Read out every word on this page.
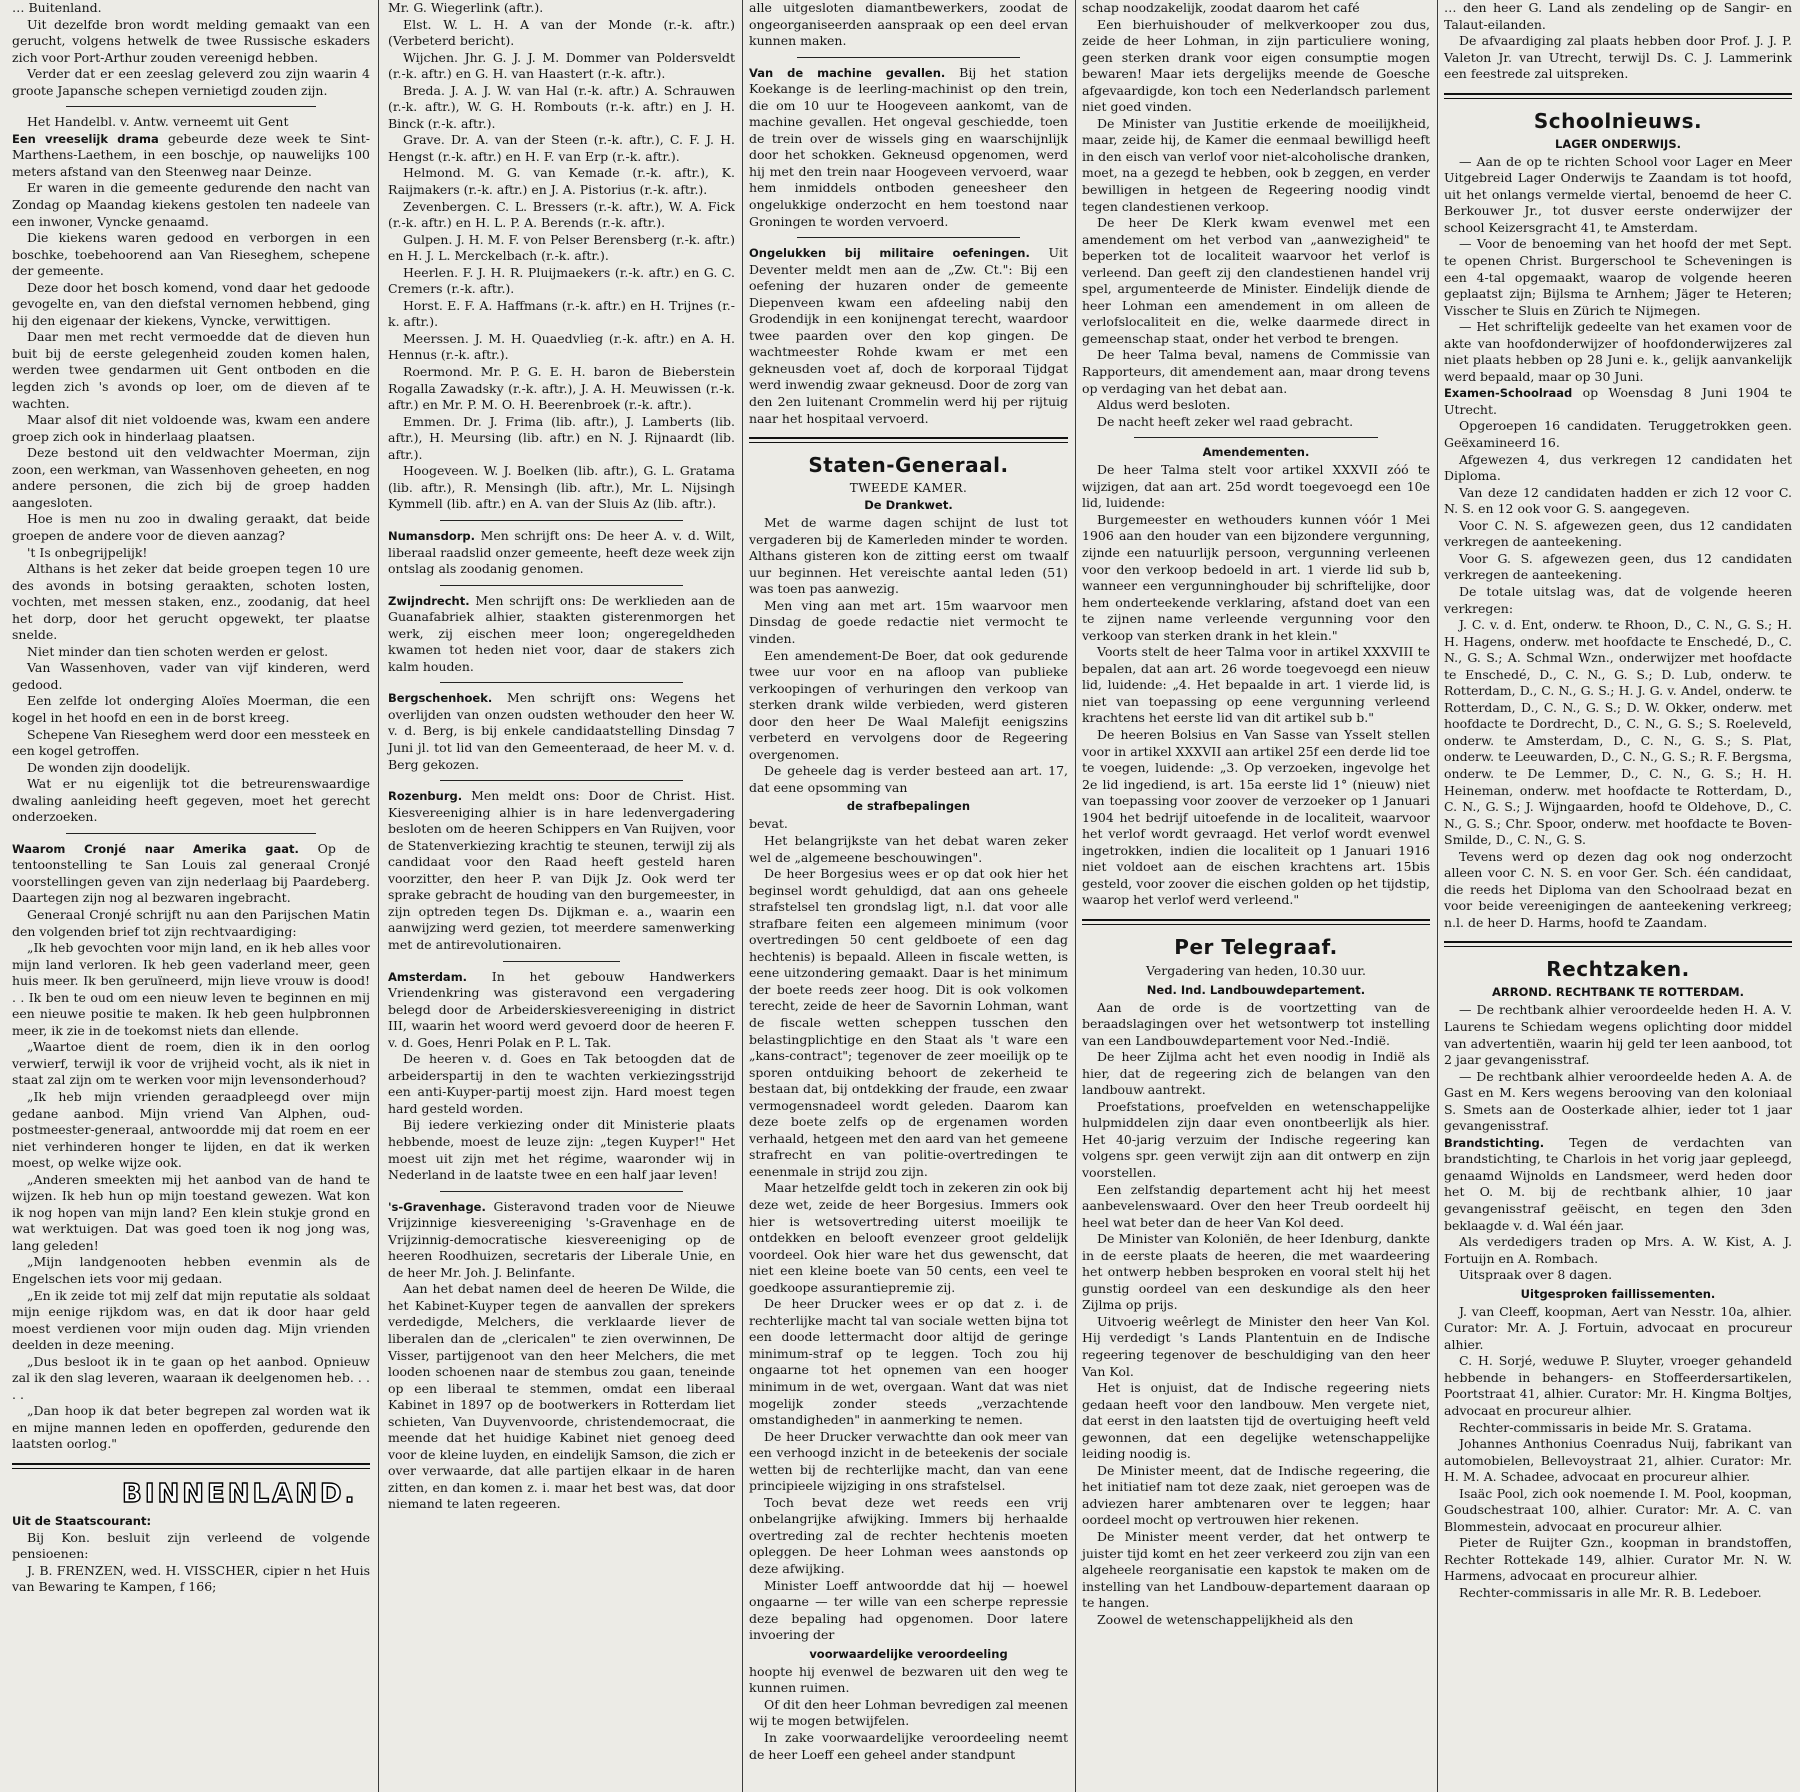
… Buitenland.

Uit dezelfde bron wordt melding gemaakt van een gerucht, volgens hetwelk de twee Russische eskaders zich voor Port-Arthur zouden vereenigd hebben.

Verder dat er een zeeslag geleverd zou zijn waarin 4 groote Japansche schepen vernietigd zouden zijn.

Het Handelbl. v. Antw. verneemt uit Gent

Een vreeselijk drama gebeurde deze week te Sint-Marthens-Laethem, in een boschje, op nauwelijks 100 meters afstand van den Steenweg naar Deinze.

Er waren in die gemeente gedurende den nacht van Zondag op Maandag kiekens gestolen ten nadeele van een inwoner, Vyncke genaamd.

Die kiekens waren gedood en verborgen in een boschke, toebehoorend aan Van Rieseghem, schepene der gemeente.

Deze door het bosch komend, vond daar het gedoode gevogelte en, van den diefstal vernomen hebbend, ging hij den eigenaar der kiekens, Vyncke, verwittigen.

Daar men met recht vermoedde dat de dieven hun buit bij de eerste gelegenheid zouden komen halen, werden twee gendarmen uit Gent ontboden en die legden zich 's avonds op loer, om de dieven af te wachten.

Maar alsof dit niet voldoende was, kwam een andere groep zich ook in hinderlaag plaatsen.

Deze bestond uit den veldwachter Moerman, zijn zoon, een werkman, van Wassenhoven geheeten, en nog andere personen, die zich bij de groep hadden aangesloten.

Hoe is men nu zoo in dwaling geraakt, dat beide groepen de andere voor de dieven aanzag?

't Is onbegrijpelijk!

Althans is het zeker dat beide groepen tegen 10 ure des avonds in botsing geraakten, schoten losten, vochten, met messen staken, enz., zoodanig, dat heel het dorp, door het gerucht opgewekt, ter plaatse snelde.

Niet minder dan tien schoten werden er gelost.

Van Wassenhoven, vader van vijf kinderen, werd gedood.

Een zelfde lot onderging Aloïes Moerman, die een kogel in het hoofd en een in de borst kreeg.

Schepene Van Rieseghem werd door een messteek en een kogel getroffen.

De wonden zijn doodelijk.

Wat er nu eigenlijk tot die betreurenswaardige dwaling aanleiding heeft gegeven, moet het gerecht onderzoeken.

Waarom Cronjé naar Amerika gaat. Op de tentoonstelling te San Louis zal generaal Cronjé voorstellingen geven van zijn nederlaag bij Paardeberg. Daartegen zijn nog al bezwaren ingebracht.

Generaal Cronjé schrijft nu aan den Parijschen Matin den volgenden brief tot zijn rechtvaardiging:

„Ik heb gevochten voor mijn land, en ik heb alles voor mijn land verloren. Ik heb geen vaderland meer, geen huis meer. Ik ben geruïneerd, mijn lieve vrouw is dood! . . Ik ben te oud om een nieuw leven te beginnen en mij een nieuwe positie te maken. Ik heb geen hulpbronnen meer, ik zie in de toekomst niets dan ellende.

„Waartoe dient de roem, dien ik in den oorlog verwierf, terwijl ik voor de vrijheid vocht, als ik niet in staat zal zijn om te werken voor mijn levensonderhoud?

„Ik heb mijn vrienden geraadpleegd over mijn gedane aanbod. Mijn vriend Van Alphen, oud-postmeester-generaal, antwoordde mij dat roem en eer niet verhinderen honger te lijden, en dat ik werken moest, op welke wijze ook.

„Anderen smeekten mij het aanbod van de hand te wijzen. Ik heb hun op mijn toestand gewezen. Wat kon ik nog hopen van mijn land? Een klein stukje grond en wat werktuigen. Dat was goed toen ik nog jong was, lang geleden!

„Mijn landgenooten hebben evenmin als de Engelschen iets voor mij gedaan.

„En ik zeide tot mij zelf dat mijn reputatie als soldaat mijn eenige rijkdom was, en dat ik door haar geld moest verdienen voor mijn ouden dag. Mijn vrienden deelden in deze meening.

„Dus besloot ik in te gaan op het aanbod. Opnieuw zal ik den slag leveren, waaraan ik deelgenomen heb. . . . .

„Dan hoop ik dat beter begrepen zal worden wat ik en mijne mannen leden en opofferden, gedurende den laatsten oorlog."

BINNENLAND.

Uit de Staatscourant:

Bij Kon. besluit zijn verleend de volgende pensioenen:

J. B. FRENZEN, wed. H. VISSCHER, cipier n het Huis van Bewaring te Kampen, f 166;

Mr. G. Wiegerlink (aftr.).

Elst. W. L. H. A van der Monde (r.-k. aftr.) (Verbeterd bericht).

Wijchen. Jhr. G. J. J. M. Dommer van Poldersveldt (r.-k. aftr.) en G. H. van Haastert (r.-k. aftr.).

Breda. J. A. J. W. van Hal (r.-k. aftr.) A. Schrauwen (r.-k. aftr.), W. G. H. Rombouts (r.-k. aftr.) en J. H. Binck (r.-k. aftr.).

Grave. Dr. A. van der Steen (r.-k. aftr.), C. F. J. H. Hengst (r.-k. aftr.) en H. F. van Erp (r.-k. aftr.).

Helmond. M. G. van Kemade (r.-k. aftr.), K. Raijmakers (r.-k. aftr.) en J. A. Pistorius (r.-k. aftr.).

Zevenbergen. C. L. Bressers (r.-k. aftr.), W. A. Fick (r.-k. aftr.) en H. L. P. A. Berends (r.-k. aftr.).

Gulpen. J. H. M. F. von Pelser Berensberg (r.-k. aftr.) en H. J. L. Merckelbach (r.-k. aftr.).

Heerlen. F. J. H. R. Pluijmaekers (r.-k. aftr.) en G. C. Cremers (r.-k. aftr.).

Horst. E. F. A. Haffmans (r.-k. aftr.) en H. Trijnes (r.-k. aftr.).

Meerssen. J. M. H. Quaedvlieg (r.-k. aftr.) en A. H. Hennus (r.-k. aftr.).

Roermond. Mr. P. G. E. H. baron de Bieberstein Rogalla Zawadsky (r.-k. aftr.), J. A. H. Meuwissen (r.-k. aftr.) en Mr. P. M. O. H. Beerenbroek (r.-k. aftr.).

Emmen. Dr. J. Frima (lib. aftr.), J. Lamberts (lib. aftr.), H. Meursing (lib. aftr.) en N. J. Rijnaardt (lib. aftr.).

Hoogeveen. W. J. Boelken (lib. aftr.), G. L. Gratama (lib. aftr.), R. Mensingh (lib. aftr.), Mr. L. Nijsingh Kymmell (lib. aftr.) en A. van der Sluis Az (lib. aftr.).

Numansdorp. Men schrijft ons: De heer A. v. d. Wilt, liberaal raadslid onzer gemeente, heeft deze week zijn ontslag als zoodanig genomen.

Zwijndrecht. Men schrijft ons: De werklieden aan de Guanafabriek alhier, staakten gisterenmorgen het werk, zij eischen meer loon; ongeregeldheden kwamen tot heden niet voor, daar de stakers zich kalm houden.

Bergschenhoek. Men schrijft ons: Wegens het overlijden van onzen oudsten wethouder den heer W. v. d. Berg, is bij enkele candidaatstelling Dinsdag 7 Juni jl. tot lid van den Gemeenteraad, de heer M. v. d. Berg gekozen.

Rozenburg. Men meldt ons: Door de Christ. Hist. Kiesvereeniging alhier is in hare ledenvergadering besloten om de heeren Schippers en Van Ruijven, voor de Statenverkiezing krachtig te steunen, terwijl zij als candidaat voor den Raad heeft gesteld haren voorzitter, den heer P. van Dijk Jz. Ook werd ter sprake gebracht de houding van den burgemeester, in zijn optreden tegen Ds. Dijkman e. a., waarin een aanwijzing werd gezien, tot meerdere samenwerking met de antirevolutionairen.

Amsterdam. In het gebouw Handwerkers Vriendenkring was gisteravond een vergadering belegd door de Arbeiderskiesvereeniging in district III, waarin het woord werd gevoerd door de heeren F. v. d. Goes, Henri Polak en P. L. Tak.

De heeren v. d. Goes en Tak betoogden dat de arbeiderspartij in den te wachten verkiezingsstrijd een anti-Kuyper-partij moest zijn. Hard moest tegen hard gesteld worden.

Bij iedere verkiezing onder dit Ministerie plaats hebbende, moest de leuze zijn: „tegen Kuyper!" Het moest uit zijn met het régime, waaronder wij in Nederland in de laatste twee en een half jaar leven!

's-Gravenhage. Gisteravond traden voor de Nieuwe Vrijzinnige kiesvereeniging 's-Gravenhage en de Vrijzinnig-democratische kiesvereeniging op de heeren Roodhuizen, secretaris der Liberale Unie, en de heer Mr. Joh. J. Belinfante.

Aan het debat namen deel de heeren De Wilde, die het Kabinet-Kuyper tegen de aanvallen der sprekers verdedigde, Melchers, die verklaarde liever de liberalen dan de „clericalen" te zien overwinnen, De Visser, partijgenoot van den heer Melchers, die met looden schoenen naar de stembus zou gaan, teneinde op een liberaal te stemmen, omdat een liberaal Kabinet in 1897 op de bootwerkers in Rotterdam liet schieten, Van Duyvenvoorde, christendemocraat, die meende dat het huidige Kabinet niet genoeg deed voor de kleine luyden, en eindelijk Samson, die zich er over verwaarde, dat alle partijen elkaar in de haren zitten, en dan komen z. i. maar het best was, dat door niemand te laten regeeren.

alle uitgesloten diamantbewerkers, zoodat de ongeorganiseerden aanspraak op een deel ervan kunnen maken.

Van de machine gevallen. Bij het station Koekange is de leerling-machinist op den trein, die om 10 uur te Hoogeveen aankomt, van de machine gevallen. Het ongeval geschiedde, toen de trein over de wissels ging en waarschijnlijk door het schokken. Gekneusd opgenomen, werd hij met den trein naar Hoogeveen vervoerd, waar hem inmiddels ontboden geneesheer den ongelukkige onderzocht en hem toestond naar Groningen te worden vervoerd.

Ongelukken bij militaire oefeningen. Uit Deventer meldt men aan de „Zw. Ct.": Bij een oefening der huzaren onder de gemeente Diepenveen kwam een afdeeling nabij den Grodendijk in een konijnengat terecht, waardoor twee paarden over den kop gingen. De wachtmeester Rohde kwam er met een gekneusden voet af, doch de korporaal Tijdgat werd inwendig zwaar gekneusd. Door de zorg van den 2en luitenant Crommelin werd hij per rijtuig naar het hospitaal vervoerd.

Staten-Generaal.
TWEEDE KAMER.
De Drankwet.

Met de warme dagen schijnt de lust tot vergaderen bij de Kamerleden minder te worden. Althans gisteren kon de zitting eerst om twaalf uur beginnen. Het vereischte aantal leden (51) was toen pas aanwezig.

Men ving aan met art. 15m waarvoor men Dinsdag de goede redactie niet vermocht te vinden.

Een amendement-De Boer, dat ook gedurende twee uur voor en na afloop van publieke verkoopingen of verhuringen den verkoop van sterken drank wilde verbieden, werd gisteren door den heer De Waal Malefijt eenigszins verbeterd en vervolgens door de Regeering overgenomen.

De geheele dag is verder besteed aan art. 17, dat eene opsomming van

de strafbepalingen

bevat.

Het belangrijkste van het debat waren zeker wel de „algemeene beschouwingen".

De heer Borgesius wees er op dat ook hier het beginsel wordt gehuldigd, dat aan ons geheele strafstelsel ten grondslag ligt, n.l. dat voor alle strafbare feiten een algemeen minimum (voor overtredingen 50 cent geldboete of een dag hechtenis) is bepaald. Alleen in fiscale wetten, is eene uitzondering gemaakt. Daar is het minimum der boete reeds zeer hoog. Dit is ook volkomen terecht, zeide de heer de Savornin Lohman, want de fiscale wetten scheppen tusschen den belastingplichtige en den Staat als 't ware een „kans-contract"; tegenover de zeer moeilijk op te sporen ontduiking behoort de zekerheid te bestaan dat, bij ontdekking der fraude, een zwaar vermogensnadeel wordt geleden. Daarom kan deze boete zelfs op de ergenamen worden verhaald, hetgeen met den aard van het gemeene strafrecht en van politie-overtredingen te eenenmale in strijd zou zijn.

Maar hetzelfde geldt toch in zekeren zin ook bij deze wet, zeide de heer Borgesius. Immers ook hier is wetsovertreding uiterst moeilijk te ontdekken en belooft evenzeer groot geldelijk voordeel. Ook hier ware het dus gewenscht, dat niet een kleine boete van 50 cents, een veel te goedkoope assurantiepremie zij.

De heer Drucker wees er op dat z. i. de rechterlijke macht tal van sociale wetten bijna tot een doode lettermacht door altijd de geringe minimum-straf op te leggen. Toch zou hij ongaarne tot het opnemen van een hooger minimum in de wet, overgaan. Want dat was niet mogelijk zonder steeds „verzachtende omstandigheden" in aanmerking te nemen.

De heer Drucker verwachtte dan ook meer van een verhoogd inzicht in de beteekenis der sociale wetten bij de rechterlijke macht, dan van eene principieele wijziging in ons strafstelsel.

Toch bevat deze wet reeds een vrij onbelangrijke afwijking. Immers bij herhaalde overtreding zal de rechter hechtenis moeten opleggen. De heer Lohman wees aanstonds op deze afwijking.

Minister Loeff antwoordde dat hij — hoewel ongaarne — ter wille van een scherpe repressie deze bepaling had opgenomen. Door latere invoering der

voorwaardelijke veroordeeling

hoopte hij evenwel de bezwaren uit den weg te kunnen ruimen.

Of dit den heer Lohman bevredigen zal meenen wij te mogen betwijfelen.

In zake voorwaardelijke veroordeeling neemt de heer Loeff een geheel ander standpunt

schap noodzakelijk, zoodat daarom het café

Een bierhuishouder of melkverkooper zou dus, zeide de heer Lohman, in zijn particuliere woning, geen sterken drank voor eigen consumptie mogen bewaren! Maar iets dergelijks meende de Goesche afgevaardigde, kon toch een Nederlandsch parlement niet goed vinden.

De Minister van Justitie erkende de moeilijkheid, maar, zeide hij, de Kamer die eenmaal bewilligd heeft in den eisch van verlof voor niet-alcoholische dranken, moet, na a gezegd te hebben, ook b zeggen, en verder bewilligen in hetgeen de Regeering noodig vindt tegen clandestienen verkoop.

De heer De Klerk kwam evenwel met een amendement om het verbod van „aanwezigheid" te beperken tot de localiteit waarvoor het verlof is verleend. Dan geeft zij den clandestienen handel vrij spel, argumenteerde de Minister. Eindelijk diende de heer Lohman een amendement in om alleen de verlofslocaliteit en die, welke daarmede direct in gemeenschap staat, onder het verbod te brengen.

De heer Talma beval, namens de Commissie van Rapporteurs, dit amendement aan, maar drong tevens op verdaging van het debat aan.

Aldus werd besloten.

De nacht heeft zeker wel raad gebracht.

Amendementen.

De heer Talma stelt voor artikel XXXVII zóó te wijzigen, dat aan art. 25d wordt toegevoegd een 10e lid, luidende:

Burgemeester en wethouders kunnen vóór 1 Mei 1906 aan den houder van een bijzondere vergunning, zijnde een natuurlijk persoon, vergunning verleenen voor den verkoop bedoeld in art. 1 vierde lid sub b, wanneer een vergunninghouder bij schriftelijke, door hem onderteekende verklaring, afstand doet van een te zijnen name verleende vergunning voor den verkoop van sterken drank in het klein."

Voorts stelt de heer Talma voor in artikel XXXVIII te bepalen, dat aan art. 26 worde toegevoegd een nieuw lid, luidende: „4. Het bepaalde in art. 1 vierde lid, is niet van toepassing op eene vergunning verleend krachtens het eerste lid van dit artikel sub b."

De heeren Bolsius en Van Sasse van Ysselt stellen voor in artikel XXXVII aan artikel 25f een derde lid toe te voegen, luidende: „3. Op verzoeken, ingevolge het 2e lid ingediend, is art. 15a eerste lid 1° (nieuw) niet van toepassing voor zoover de verzoeker op 1 Januari 1904 het bedrijf uitoefende in de localiteit, waarvoor het verlof wordt gevraagd. Het verlof wordt evenwel ingetrokken, indien die localiteit op 1 Januari 1916 niet voldoet aan de eischen krachtens art. 15bis gesteld, voor zoover die eischen golden op het tijdstip, waarop het verlof werd verleend."

Per Telegraaf.

Vergadering van heden, 10.30 uur.

Ned. Ind. Landbouwdepartement.

Aan de orde is de voortzetting van de beraadslagingen over het wetsontwerp tot instelling van een Landbouwdepartement voor Ned.-Indië.

De heer Zijlma acht het even noodig in Indië als hier, dat de regeering zich de belangen van den landbouw aantrekt.

Proefstations, proefvelden en wetenschappelijke hulpmiddelen zijn daar even onontbeerlijk als hier. Het 40-jarig verzuim der Indische regeering kan volgens spr. geen verwijt zijn aan dit ontwerp en zijn voorstellen.

Een zelfstandig departement acht hij het meest aanbevelenswaard. Over den heer Treub oordeelt hij heel wat beter dan de heer Van Kol deed.

De Minister van Koloniën, de heer Idenburg, dankte in de eerste plaats de heeren, die met waardeering het ontwerp hebben besproken en vooral stelt hij het gunstig oordeel van een deskundige als den heer Zijlma op prijs.

Uitvoerig weêrlegt de Minister den heer Van Kol. Hij verdedigt 's Lands Plantentuin en de Indische regeering tegenover de beschuldiging van den heer Van Kol.

Het is onjuist, dat de Indische regeering niets gedaan heeft voor den landbouw. Men vergete niet, dat eerst in den laatsten tijd de overtuiging heeft veld gewonnen, dat een degelijke wetenschappelijke leiding noodig is.

De Minister meent, dat de Indische regeering, die het initiatief nam tot deze zaak, niet geroepen was de adviezen harer ambtenaren over te leggen; haar oordeel mocht op vertrouwen hier rekenen.

De Minister meent verder, dat het ontwerp te juister tijd komt en het zeer verkeerd zou zijn van een algeheele reorganisatie een kapstok te maken om de instelling van het Landbouw-departement daaraan op te hangen.

Zoowel de wetenschappelijkheid als den

… den heer G. Land als zendeling op de Sangir- en Talaut-eilanden.

De afvaardiging zal plaats hebben door Prof. J. J. P. Valeton Jr. van Utrecht, terwijl Ds. C. J. Lammerink een feestrede zal uitspreken.

Schoolnieuws.
LAGER ONDERWIJS.

— Aan de op te richten School voor Lager en Meer Uitgebreid Lager Onderwijs te Zaandam is tot hoofd, uit het onlangs vermelde viertal, benoemd de heer C. Berkouwer Jr., tot dusver eerste onderwijzer der school Keizersgracht 41, te Amsterdam.

— Voor de benoeming van het hoofd der met Sept. te openen Christ. Burgerschool te Scheveningen is een 4-tal opgemaakt, waarop de volgende heeren geplaatst zijn; Bijlsma te Arnhem; Jäger te Heteren; Visscher te Sluis en Zürich te Nijmegen.

— Het schriftelijk gedeelte van het examen voor de akte van hoofdonderwijzer of hoofdonderwijzeres zal niet plaats hebben op 28 Juni e. k., gelijk aanvankelijk werd bepaald, maar op 30 Juni.

Examen-Schoolraad op Woensdag 8 Juni 1904 te Utrecht.

Opgeroepen 16 candidaten. Teruggetrokken geen. Geëxamineerd 16.

Afgewezen 4, dus verkregen 12 candidaten het Diploma.

Van deze 12 candidaten hadden er zich 12 voor C. N. S. en 12 ook voor G. S. aangegeven.

Voor C. N. S. afgewezen geen, dus 12 candidaten verkregen de aanteekening.

Voor G. S. afgewezen geen, dus 12 candidaten verkregen de aanteekening.

De totale uitslag was, dat de volgende heeren verkregen:

J. C. v. d. Ent, onderw. te Rhoon, D., C. N., G. S.; H. H. Hagens, onderw. met hoofdacte te Enschedé, D., C. N., G. S.; A. Schmal Wzn., onderwijzer met hoofdacte te Enschedé, D., C. N., G. S.; D. Lub, onderw. te Rotterdam, D., C. N., G. S.; H. J. G. v. Andel, onderw. te Rotterdam, D., C. N., G. S.; D. W. Okker, onderw. met hoofdacte te Dordrecht, D., C. N., G. S.; S. Roeleveld, onderw. te Amsterdam, D., C. N., G. S.; S. Plat, onderw. te Leeuwarden, D., C. N., G. S.; R. F. Bergsma, onderw. te De Lemmer, D., C. N., G. S.; H. H. Heineman, onderw. met hoofdacte te Rotterdam, D., C. N., G. S.; J. Wijngaarden, hoofd te Oldehove, D., C. N., G. S.; Chr. Spoor, onderw. met hoofdacte te Boven-Smilde, D., C. N., G. S.

Tevens werd op dezen dag ook nog onderzocht alleen voor C. N. S. en voor Ger. Sch. één candidaat, die reeds het Diploma van den Schoolraad bezat en voor beide vereenigingen de aanteekening verkreeg; n.l. de heer D. Harms, hoofd te Zaandam.

Rechtzaken.
ARROND. RECHTBANK TE ROTTERDAM.

— De rechtbank alhier veroordeelde heden H. A. V. Laurens te Schiedam wegens oplichting door middel van advertentiën, waarin hij geld ter leen aanbood, tot 2 jaar gevangenisstraf.

— De rechtbank alhier veroordeelde heden A. A. de Gast en M. Kers wegens berooving van den koloniaal S. Smets aan de Oosterkade alhier, ieder tot 1 jaar gevangenisstraf.

Brandstichting. Tegen de verdachten van brandstichting, te Charlois in het vorig jaar gepleegd, genaamd Wijnolds en Landsmeer, werd heden door het O. M. bij de rechtbank alhier, 10 jaar gevangenisstraf geëischt, en tegen den 3den beklaagde v. d. Wal één jaar.

Als verdedigers traden op Mrs. A. W. Kist, A. J. Fortuijn en A. Rombach.

Uitspraak over 8 dagen.

Uitgesproken faillissementen.

J. van Cleeff, koopman, Aert van Nesstr. 10a, alhier. Curator: Mr. A. J. Fortuin, advocaat en procureur alhier.

C. H. Sorjé, weduwe P. Sluyter, vroeger gehandeld hebbende in behangers- en Stoffeerdersartikelen, Poortstraat 41, alhier. Curator: Mr. H. Kingma Boltjes, advocaat en procureur alhier.

Rechter-commissaris in beide Mr. S. Gratama.

Johannes Anthonius Coenradus Nuij, fabrikant van automobielen, Bellevoystraat 21, alhier. Curator: Mr. H. M. A. Schadee, advocaat en procureur alhier.

Isaäc Pool, zich ook noemende I. M. Pool, koopman, Goudschestraat 100, alhier. Curator: Mr. A. C. van Blommestein, advocaat en procureur alhier.

Pieter de Ruijter Gzn., koopman in brandstoffen, Rechter Rottekade 149, alhier. Curator Mr. N. W. Harmens, advocaat en procureur alhier.

Rechter-commissaris in alle Mr. R. B. Ledeboer.
